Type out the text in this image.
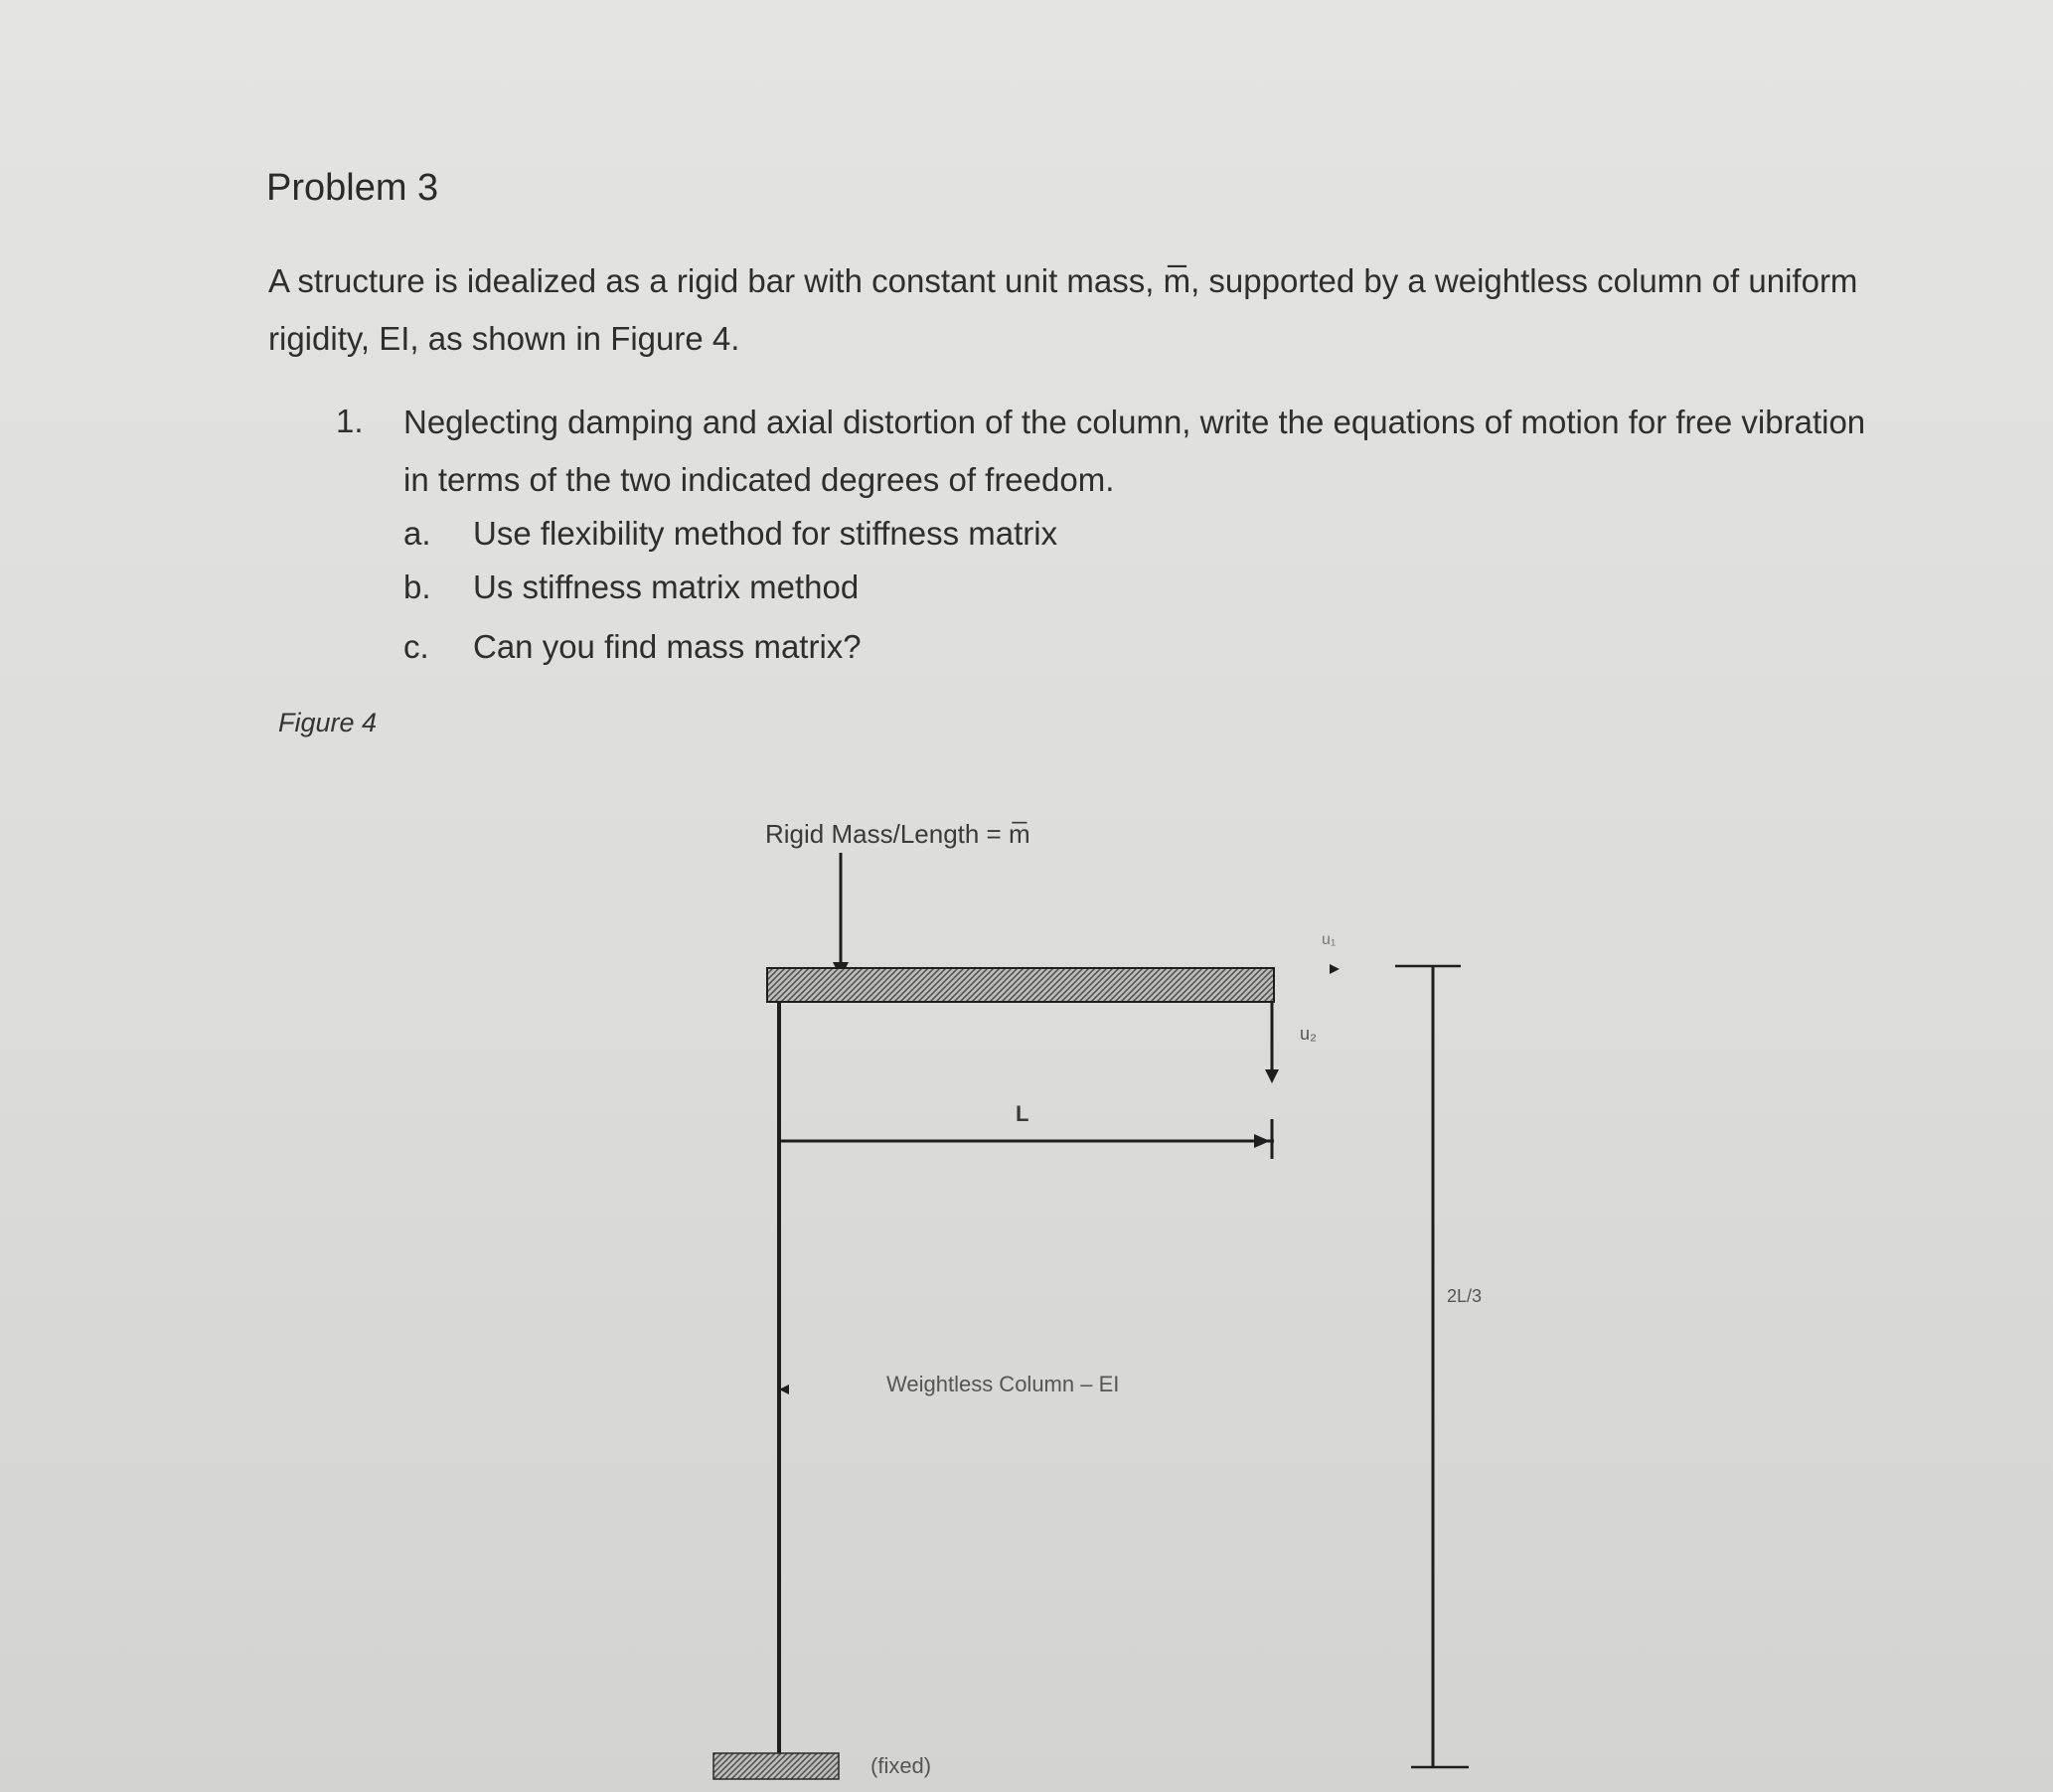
Problem 3
A structure is idealized as a rigid bar with constant unit mass, m̅, supported by a weightless column of uniform rigidity, EI, as shown in Figure 4.
1. Neglecting damping and axial distortion of the column, write the equations of motion for free vibration in terms of the two indicated degrees of freedom.
a. Use flexibility method for stiffness matrix
b. Us stiffness matrix method
c. Can you find mass matrix?
Figure 4
Rigid Mass/Length = m̅
L
u₂
u₁
2L/3
Weightless Column – EI
(fixed)
